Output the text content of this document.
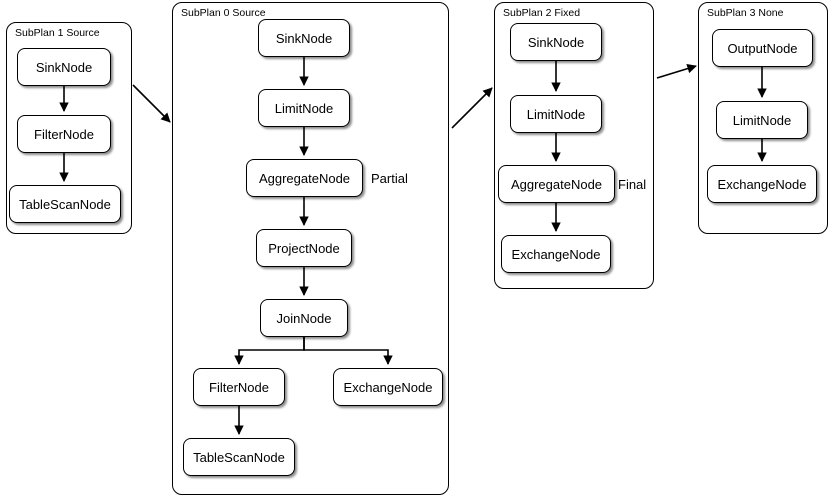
SubPlan 1 Source
SinkNode
FilterNode
TableScanNode
SubPlan 0 Source
SinkNode
LimitNode
AggregateNode
ProjectNode
JoinNode
FilterNode	ExchangeNode
TableScanNode
Partial
SubPlan 2 Fixed
SinkNode
LimitNode
AggregateNode
ExchangeNode
Final
SubPlan 3 None
OutputNode
LimitNode
ExchangeNode
